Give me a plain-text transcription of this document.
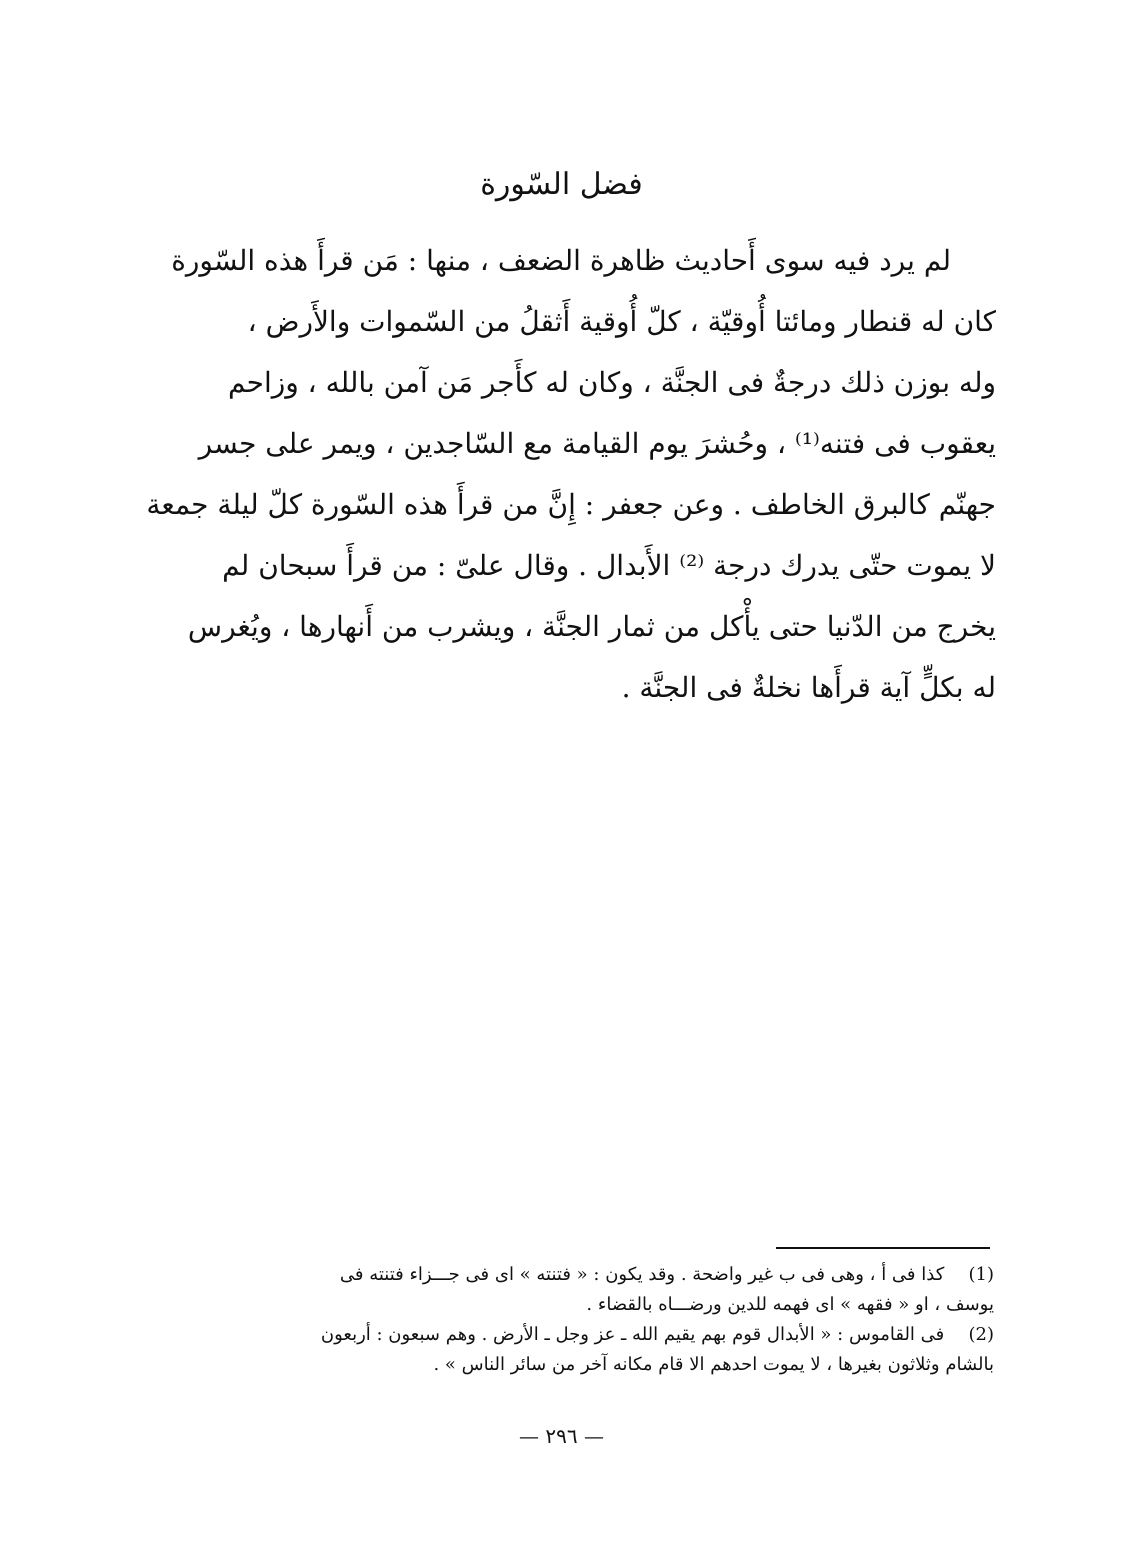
فضل السّورة
لم يرد فيه سوى أَحاديث ظاهرة الضعف ، منها : مَن قرأَ هذه السّورة
كان له قنطار ومائتا أُوقيّة ، كلّ أُوقية أَثقلُ من السّموات والأَرض ،
وله بوزن ذلك درجةٌ فى الجنَّة ، وكان له كأَجر مَن آمن بالله ، وزاحم
يعقوب فى فتنه⁽¹⁾ ، وحُشرَ يوم القيامة مع السّاجدين ، ويمر على جسر
جهنّم كالبرق الخاطف . وعن جعفر : إِنَّ من قرأَ هذه السّورة كلّ ليلة جمعة
لا يموت حتّى يدرك درجة ⁽²⁾ الأَبدال . وقال علىّ : من قرأَ سبحان لم
يخرج من الدّنيا حتى يأْكل من ثمار الجنَّة ، ويشرب من أَنهارها ، ويُغرس
له بكلٍّ آية قرأَها نخلةٌ فى الجنَّة .
(1) كذا فى أ ، وهى فى ب غير واضحة . وقد يكون : « فتنته » اى فى جـــزاء فتنته فى
يوسف ، او « فقهه » اى فهمه للدين ورضـــاه بالقضاء .
(2) فى القاموس : « الأبدال قوم بهم يقيم الله ـ عز وجل ـ الأرض . وهم سبعون : أربعون
بالشام وثلاثون بغيرها ، لا يموت احدهم الا قام مكانه آخر من سائر الناس » .
— ٢٩٦ —
